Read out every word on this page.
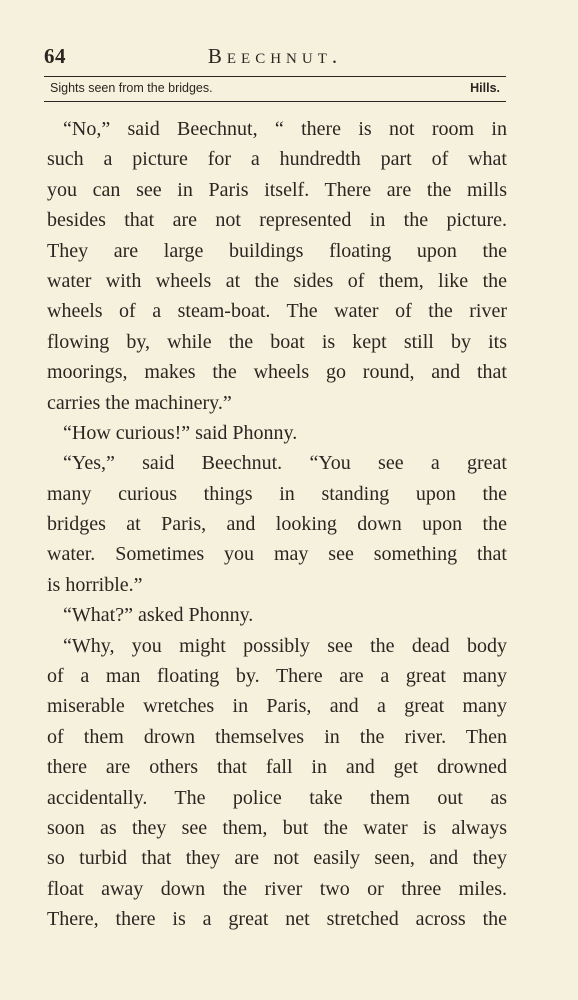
64	Beechnut.
Sights seen from the bridges.	Hills.
“No,” said Beechnut, “ there is not room in
such a picture for a hundredth part of what
you can see in Paris itself. There are the mills
besides that are not represented in the picture.
They are large buildings floating upon the
water with wheels at the sides of them, like the
wheels of a steam-boat. The water of the river
flowing by, while the boat is kept still by its
moorings, makes the wheels go round, and that
carries the machinery.”
“How curious!” said Phonny.
“Yes,” said Beechnut. “You see a great
many curious things in standing upon the
bridges at Paris, and looking down upon the
water. Sometimes you may see something that
is horrible.”
“What?” asked Phonny.
“Why, you might possibly see the dead body
of a man floating by. There are a great many
miserable wretches in Paris, and a great many
of them drown themselves in the river. Then
there are others that fall in and get drowned
accidentally. The police take them out as
soon as they see them, but the water is always
so turbid that they are not easily seen, and they
float away down the river two or three miles.
There, there is a great net stretched across the
